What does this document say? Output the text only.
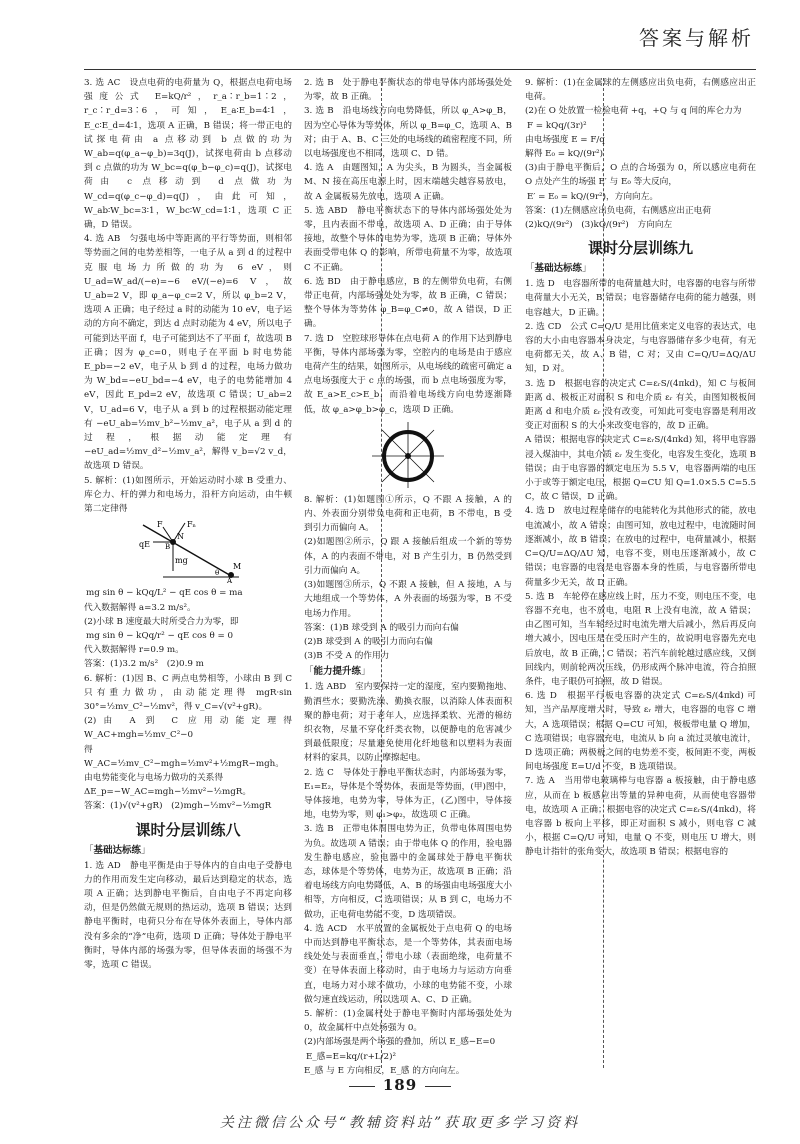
答案与解析

3. 选 AC　设点电荷的电荷量为 Q，根据点电荷电场强度公式 E=kQ/r²，r_a∶r_b=1∶2，r_c∶r_d=3∶6，可知，E_a∶E_b=4∶1，E_c∶E_d=4∶1，选项 A 正确，B 错误；将一带正电的试探电荷由 a 点移动到 b 点做的功为 W_ab=q(φ_a−φ_b)=3q(J)，试探电荷由 b 点移动到 c 点做的功为 W_bc=q(φ_b−φ_c)=q(J)，试探电荷由 c 点移动到 d 点做功为 W_cd=q(φ_c−φ_d)=q(J)，由此可知，W_ab∶W_bc=3∶1，W_bc∶W_cd=1∶1，选项 C 正确，D 错误。

4. 选 AB　匀强电场中等距离的平行等势面，则相邻等势面之间的电势差相等，一电子从 a 到 d 的过程中克服电场力所做的功为 6 eV，则 U_ad=W_ad/(−e)=−6 eV/(−e)=6 V，故 U_ab=2 V，即 φ_a−φ_c=2 V，所以 φ_b=2 V，选项 A 正确；电子经过 a 时的动能为 10 eV，电子运动的方向不确定，到达 d 点时动能为 4 eV，所以电子可能到达平面 f，电子可能到达不了平面 f，故选项 B 正确；因为 φ_c=0，则电子在平面 b 时电势能 E_pb=−2 eV，电子从 b 到 d 的过程，电场力做功为 W_bd=−eU_bd=−4 eV，电子的电势能增加 4 eV，因此 E_pd=2 eV，故选项 C 错误；U_ab=2 V，U_ad=6 V，电子从 a 到 b 的过程根据动能定理有 −eU_ab=½mv_b²−½mv_a²，电子从 a 到 d 的过程，根据动能定理有 −eU_ad=½mv_d²−½mv_a²，解得 v_b=√2 v_d，故选项 D 错误。

5. 解析：(1)如图所示，开始运动时小球 B 受重力、库仑力、杆的弹力和电场力，沿杆方向运动，由牛顿第二定律得

F	Fₙ
qE
N
mg
M
A
B
θ

mg sin θ − kQq/L² − qE cos θ = ma

代入数据解得 a=3.2 m/s²。

(2)小球 B 速度最大时所受合力为零，即

mg sin θ − kQq/r² − qE cos θ = 0

代入数据解得 r=0.9 m。

答案：(1)3.2 m/s²　(2)0.9 m

6. 解析：(1)因 B、C 两点电势相等，小球由 B 到 C 只有重力做功，由动能定理得 mgR·sin 30°=½mv_C²−½mv²，得 v_C=√(v²+gR)。

(2)由 A 到 C 应用动能定理得 W_AC+mgh=½mv_C²−0

得 W_AC=½mv_C²−mgh=½mv²+½mgR−mgh。

由电势能变化与电场力做功的关系得

ΔE_p=−W_AC=mgh−½mv²−½mgR。

答案：(1)√(v²+gR)　(2)mgh−½mv²−½mgR

课时分层训练八
「基础达标练」

1. 选 AD　静电平衡是由于导体内的自由电子受静电力的作用而发生定向移动，最后达到稳定的状态，选项 A 正确；达到静电平衡后，自由电子不再定向移动，但是仍然做无规则的热运动，选项 B 错误；达到静电平衡时，电荷只分布在导体外表面上，导体内部没有多余的“净”电荷，选项 D 正确；导体处于静电平衡时，导体内部的场强为零，但导体表面的场强不为零，选项 C 错误。

2. 选 B　处于静电平衡状态的带电导体内部场强处处为零，故 B 正确。

3. 选 B　沿电场线方向电势降低，所以 φ_A>φ_B，因为空心导体为等势体，所以 φ_B=φ_C，选项 A、B 对；由于 A、B、C 三处的电场线的疏密程度不同，所以电场强度也不相同，选项 C、D 错。

4. 选 A　由题图知，A 为尖头，B 为圆头，当金属板 M、N 接在高压电源上时，因末端越尖越容易放电，故 A 金属板易先放电，选项 A 正确。

5. 选 ABD　静电平衡状态下的导体内部场强处处为零，且内表面不带电，故选项 A、D 正确；由于导体接地，故整个导体的电势为零，选项 B 正确；导体外表面受带电体 Q 的影响，所带电荷量不为零，故选项 C 不正确。

6. 选 BD　由于静电感应，B 的左侧带负电荷，右侧带正电荷，内部场强处处为零，故 B 正确，C 错误；整个导体为等势体 φ_B=φ_C≠0，故 A 错误，D 正确。

7. 选 D　空腔球形导体在点电荷 A 的作用下达到静电平衡，导体内部场强为零，空腔内的电场是由于感应电荷产生的结果，如图所示，从电场线的疏密可确定 a 点电场强度大于 c 点的场强，而 b 点电场强度为零，故 E_a>E_c>E_b，而沿着电场线方向电势逐渐降低，故 φ_a>φ_b>φ_c，选项 D 正确。

8. 解析：(1)如题图①所示，Q 不跟 A 接触，A 的内、外表面分别带负电荷和正电荷，B 不带电，B 受到引力而偏向 A。

(2)如题图②所示，Q 跟 A 接触后组成一个新的等势体，A 的内表面不带电，对 B 产生引力，B 仍然受到引力而偏向 A。

(3)如题图③所示，Q 不跟 A 接触，但 A 接地，A 与大地组成一个等势体，A 外表面的场强为零，B 不受电场力作用。

答案：(1)B 球受到 A 的吸引力而向右偏
(2)B 球受到 A 的吸引力而向右偏
(3)B 不受 A 的作用力

「能力提升练」

1. 选 ABD　室内要保持一定的湿度，室内要勤拖地、勤洒些水；要勤洗澡、勤换衣服，以消除人体表面积聚的静电荷；对于老年人，应选择柔软、光滑的棉纺织衣物，尽量不穿化纤类衣物，以便静电的危害减少到最低限度；尽量避免使用化纤地毯和以塑料为表面材料的家具，以防止摩擦起电。

2. 选 C　导体处于静电平衡状态时，内部场强为零，E₁=E₂，导体是个等势体，表面是等势面，(甲)图中，导体接地，电势为零，导体为正，(乙)图中，导体接地，电势为零，则 φ₁>φ₂，故选项 C 正确。

3. 选 B　正带电体周围电势为正，负带电体周围电势为负。故选项 A 错误；由于带电体 Q 的作用，验电器发生静电感应，验电器中的金属球处于静电平衡状态，球体是个等势体，电势为正，故选项 B 正确；沿着电场线方向电势降低，A、B 的场强由电场强度大小相等，方向相反，C 选项错误；从 B 到 C，电场力不做功，正电荷电势能不变，D 选项错误。

4. 选 ACD　水平放置的金属板处于点电荷 Q 的电场中而达到静电平衡状态，是一个等势体，其表面电场线处处与表面垂直，带电小球（表面绝缘，电荷量不变）在导体表面上移动时，由于电场力与运动方向垂直，电场力对小球不做功，小球的电势能不变，小球做匀速直线运动，所以选项 A、C、D 正确。

5. 解析：(1)金属杆处于静电平衡时内部场强处处为 0，故金属杆中点处场强为 0。

(2)内部场强是两个场强的叠加，所以 E_感−E=0

E_感=E=kq/(r+L/2)²

E_感 与 E 方向相反，E_感 的方向向左。

9. 解析：(1)在金属球的左侧感应出负电荷，右侧感应出正电荷。

(2)在 O 处放置一检验电荷 +q，+Q 与 q 间的库仑力为

F = kQq/(3r)²

由电场强度 E = F/q

解得 E₀ = kQ/(9r²)

(3)由于静电平衡后，O 点的合场强为 0，所以感应电荷在 O 点处产生的场强 E′ 与 E₀ 等大反向，

E′ = E₀ = kQ/(9r²)，方向向左。

答案：(1)左侧感应出负电荷，右侧感应出正电荷
(2)kQ/(9r²)　(3)kQ/(9r²)　方向向左

课时分层训练九
「基础达标练」

1. 选 D　电容器所带的电荷量越大时，电容器的电容与所带电荷量大小无关，B 错误；电容器储存电荷的能力越强，则电容越大，D 正确。

2. 选 CD　公式 C=Q/U 是用比值来定义电容的表达式，电容的大小由电容器本身决定，与电容器储存多少电荷，有无电荷都无关，故 A、B 错，C 对；又由 C=Q/U=ΔQ/ΔU 知，D 对。

3. 选 D　根据电容的决定式 C=εᵣS/(4πkd)，知 C 与板间距离 d、极板正对面积 S 和电介质 εᵣ 有关，由图知极板间距离 d 和电介质 εᵣ 没有改变，可知此可变电容器是利用改变正对面积 S 的大小来改变电容的，故 D 正确。

A 错误；根据电容的决定式 C=εᵣS/(4πkd) 知，将甲电容器浸入煤油中，其电介质 εᵣ 发生变化，电容发生变化，选项 B 错误；由于电容器的额定电压为 5.5 V，电容器两端的电压小于或等于额定电压，根据 Q=CU 知 Q=1.0×5.5 C=5.5 C，故 C 错误，D 正确。

4. 选 D　放电过程是储存的电能转化为其他形式的能，放电电流减小，故 A 错误；由图可知，放电过程中，电流随时间逐渐减小，故 B 错误；在放电的过程中，电荷量减小，根据 C=Q/U=ΔQ/ΔU 知，电容不变，则电压逐渐减小，故 C 错误；电容器的电容是电容器本身的性质，与电容器所带电荷量多少无关，故 D 正确。

5. 选 B　车轮停在感应线上时，压力不变，则电压不变，电容器不充电，也不放电，电阻 R 上没有电流，故 A 错误；由乙图可知，当车轮经过时电流先增大后减小，然后再反向增大减小，因电压是在受压时产生的，故说明电容器先充电后放电，故 B 正确，C 错误；若汽车前轮越过感应线，又倒回线内，则前轮两次压线，仍形成两个脉冲电流，符合拍照条件，电子眼仍可拍照，故 D 错误。

6. 选 D　根据平行板电容器的决定式 C=εᵣS/(4πkd) 可知，当产品厚度增大时，导致 εᵣ 增大，电容器的电容 C 增大，A 选项错误；根据 Q=CU 可知，极板带电量 Q 增加，C 选项错误；电容器充电，电流从 b 向 a 流过灵敏电流计，D 选项正确；两极板之间的电势差不变，板间距不变，两板间电场强度 E=U/d 不变，B 选项错误。

7. 选 A　当用带电玻璃棒与电容器 a 板接触，由于静电感应，从而在 b 板感应出等量的异种电荷，从而使电容器带电，故选项 A 正确；根据电容的决定式 C=εᵣS/(4πkd)，将电容器 b 板向上平移，即正对面积 S 减小，则电容 C 减小，根据 C=Q/U 可知，电量 Q 不变，则电压 U 增大，则静电计指针的张角变大，故选项 B 错误；根据电容的

189
关注微信公众号“教辅资料站”获取更多学习资料
